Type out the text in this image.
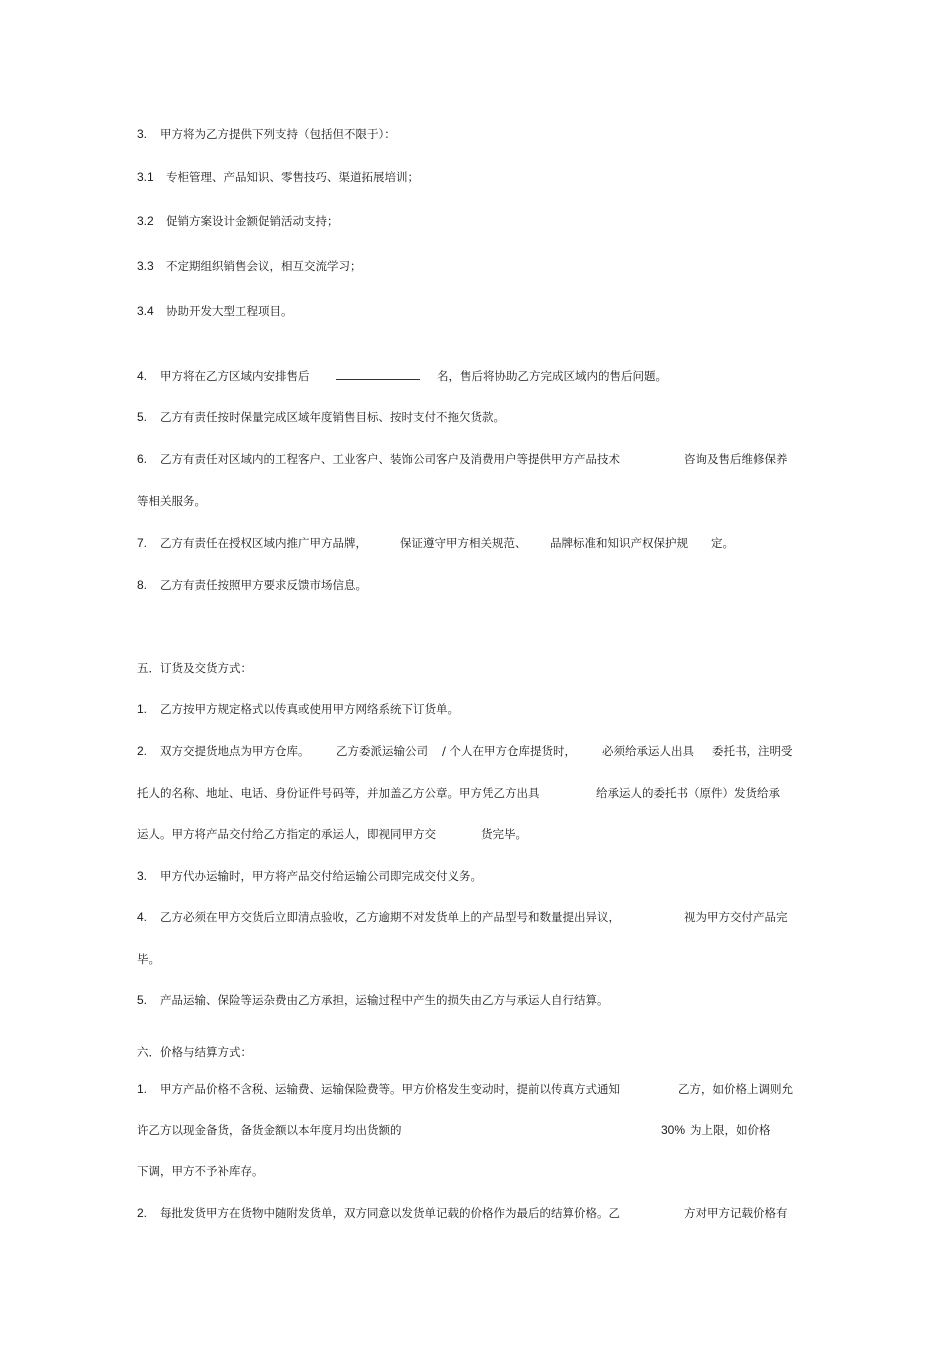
3. 甲方将为乙方提供下列支持（包括但不限于）：
3.1 专柜管理、产品知识、零售技巧、渠道拓展培训；
3.2 促销方案设计金额促销活动支持；
3.3 不定期组织销售会议，相互交流学习；
3.4 协助开发大型工程项目。
4. 甲方将在乙方区域内安排售后	名，售后将协助乙方完成区域内的售后问题。
5. 乙方有责任按时保量完成区域年度销售目标、按时支付不拖欠货款。
6. 乙方有责任对区域内的工程客户、工业客户、装饰公司客户及消费用户等提供甲方产品技术	咨询及售后维修保养
等相关服务。
7. 乙方有责任在授权区域内推广甲方品牌，	保证遵守甲方相关规范、 品牌标准和知识产权保护规 定。
8. 乙方有责任按照甲方要求反馈市场信息。
五．订货及交货方式：
1. 乙方按甲方规定格式以传真或使用甲方网络系统下订货单。
2. 双方交提货地点为甲方仓库。 乙方委派运输公司 / 个人在甲方仓库提货时， 必须给承运人出具 委托书，注明受
托人的名称、地址、电话、身份证件号码等，并加盖乙方公章。甲方凭乙方出具	给承运人的委托书（原件）发货给承
运人。甲方将产品交付给乙方指定的承运人，即视同甲方交	货完毕。
3. 甲方代办运输时，甲方将产品交付给运输公司即完成交付义务。
4. 乙方必须在甲方交货后立即清点验收，乙方逾期不对发货单上的产品型号和数量提出异议，	视为甲方交付产品完
毕。
5. 产品运输、保险等运杂费由乙方承担，运输过程中产生的损失由乙方与承运人自行结算。
六．价格与结算方式：
1. 甲方产品价格不含税、运输费、运输保险费等。甲方价格发生变动时，提前以传真方式通知	乙方，如价格上调则允
许乙方以现金备货，备货金额以本年度月均出货额的	30% 为上限，如价格
下调，甲方不予补库存。
2. 每批发货甲方在货物中随附发货单，双方同意以发货单记载的价格作为最后的结算价格。乙	方对甲方记载价格有
